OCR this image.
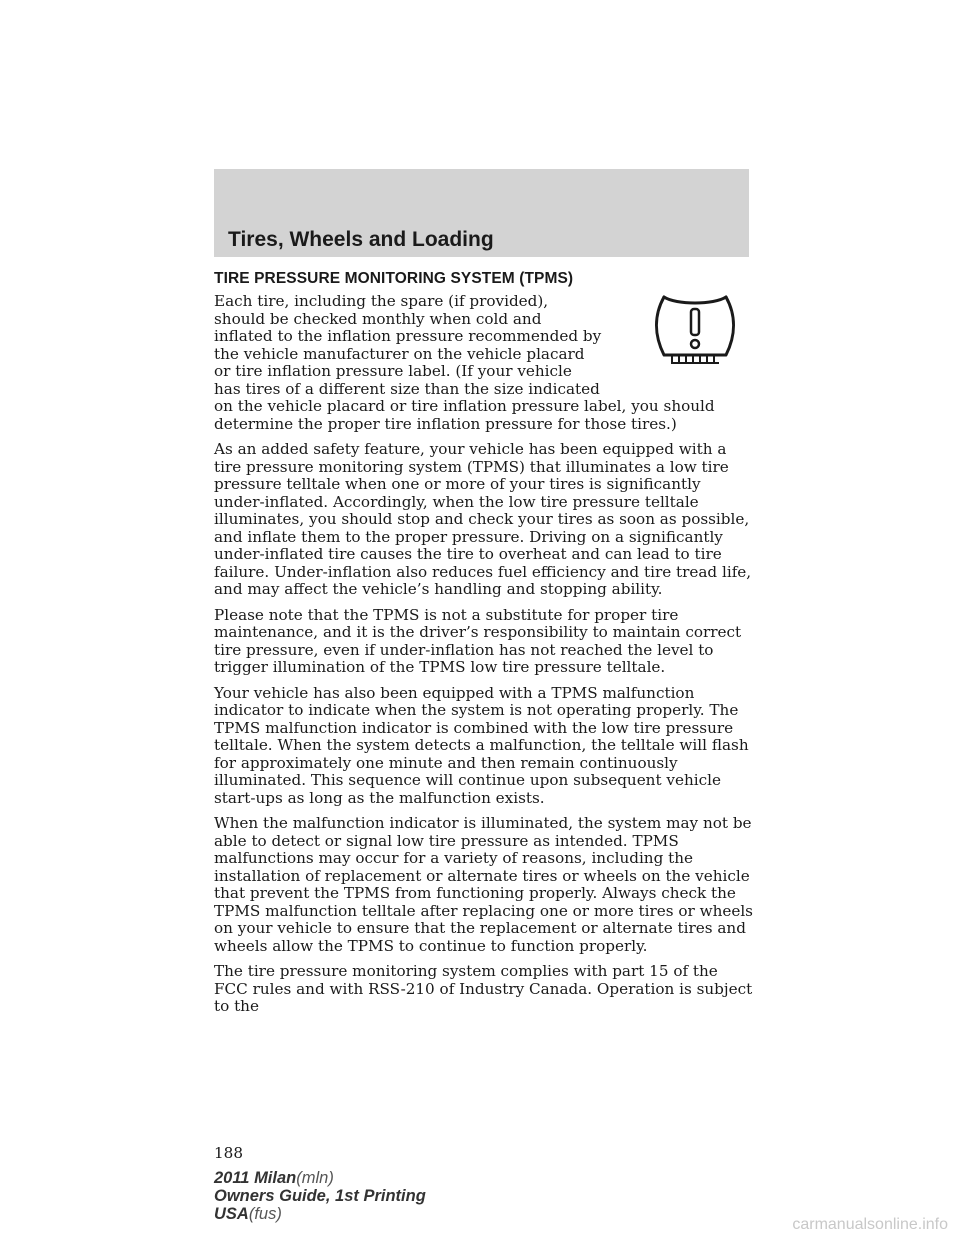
Tires, Wheels and Loading
TIRE PRESSURE MONITORING SYSTEM (TPMS)

Each tire, including the spare (if provided), should be checked monthly when cold and inflated to the inflation pressure recommended by the vehicle manufacturer on the vehicle placard or tire inflation pressure label. (If your vehicle has tires of a different size than the size indicated on the vehicle placard or tire inflation pressure label, you should determine the proper tire inflation pressure for those tires.)

As an added safety feature, your vehicle has been equipped with a tire pressure monitoring system (TPMS) that illuminates a low tire pressure telltale when one or more of your tires is significantly under-inflated. Accordingly, when the low tire pressure telltale illuminates, you should stop and check your tires as soon as possible, and inflate them to the proper pressure. Driving on a significantly under-inflated tire causes the tire to overheat and can lead to tire failure. Under-inflation also reduces fuel efficiency and tire tread life, and may affect the vehicle’s handling and stopping ability.

Please note that the TPMS is not a substitute for proper tire maintenance, and it is the driver’s responsibility to maintain correct tire pressure, even if under-inflation has not reached the level to trigger illumination of the TPMS low tire pressure telltale.

Your vehicle has also been equipped with a TPMS malfunction indicator to indicate when the system is not operating properly. The TPMS malfunction indicator is combined with the low tire pressure telltale. When the system detects a malfunction, the telltale will flash for approximately one minute and then remain continuously illuminated. This sequence will continue upon subsequent vehicle start-ups as long as the malfunction exists.

When the malfunction indicator is illuminated, the system may not be able to detect or signal low tire pressure as intended. TPMS malfunctions may occur for a variety of reasons, including the installation of replacement or alternate tires or wheels on the vehicle that prevent the TPMS from functioning properly. Always check the TPMS malfunction telltale after replacing one or more tires or wheels on your vehicle to ensure that the replacement or alternate tires and wheels allow the TPMS to continue to function properly.

The tire pressure monitoring system complies with part 15 of the FCC rules and with RSS-210 of Industry Canada. Operation is subject to the

188
2011 Milan(mln)
Owners Guide, 1st Printing
USA(fus)
carmanualsonline.info
